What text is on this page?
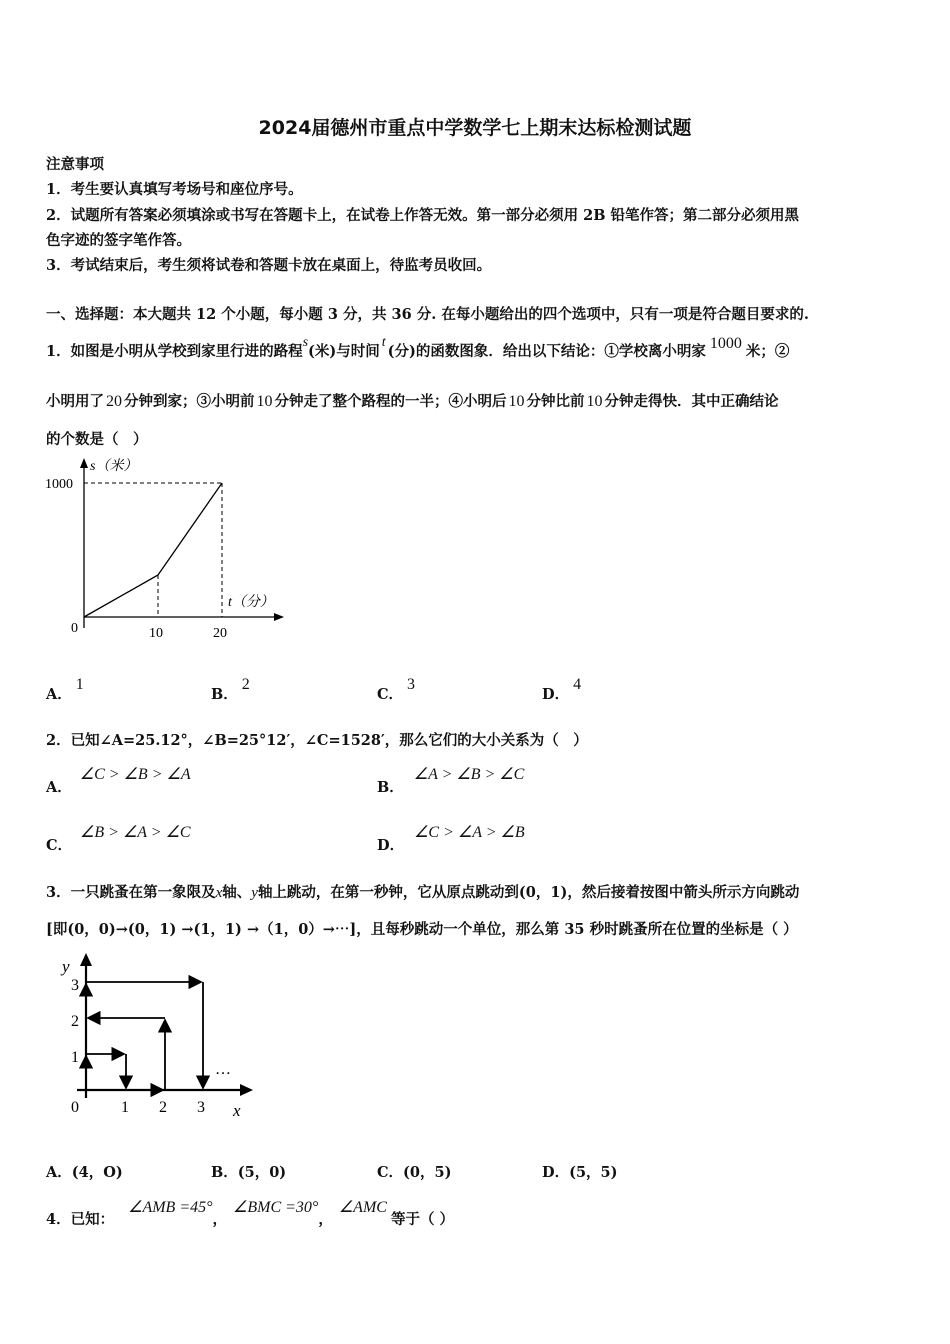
2024届德州市重点中学数学七上期末达标检测试题
注意事项
1．考生要认真填写考场号和座位序号。
2．试题所有答案必须填涂或书写在答题卡上，在试卷上作答无效。第一部分必须用 2B 铅笔作答；第二部分必须用黑
色字迹的签字笔作答。
3．考试结束后，考生须将试卷和答题卡放在桌面上，待监考员收回。
一、选择题：本大题共 12 个小题，每小题 3 分，共 36 分. 在每小题给出的四个选项中，只有一项是符合题目要求的.
1．如图是小明从学校到家里行进的路程s(米)与时间t(分)的函数图象．给出以下结论：①学校离小明家 1000 米；②
小明用了 20 分钟到家；③小明前 10 分钟走了整个路程的一半；④小明后 10 分钟比前 10 分钟走得快．其中正确结论
的个数是（　）
s（米）
t（分）
1000
0	10	20
A．1
B．2
C．3
D．4
2．已知∠A=25.12°，∠B=25°12′，∠C=1528′，那么它们的大小关系为（　）
A．∠C > ∠B > ∠A
B．∠A > ∠B > ∠C
C．∠B > ∠A > ∠C
D．∠C > ∠A > ∠B
3．一只跳蚤在第一象限及x轴、y轴上跳动，在第一秒钟，它从原点跳动到(0，1)，然后接着按图中箭头所示方向跳动
[即(0，0)→(0，1) →(1，1) →（1，0）→⋯]，且每秒跳动一个单位，那么第 35 秒时跳蚤所在位置的坐标是（ ）
y
x
1
2
3
0	1 2 3
…
A．(4，O)	B．(5，0)	C．(0，5)	D．(5，5)
4．已知：∠AMB =45°，∠BMC =30°，∠AMC等于（ ）
